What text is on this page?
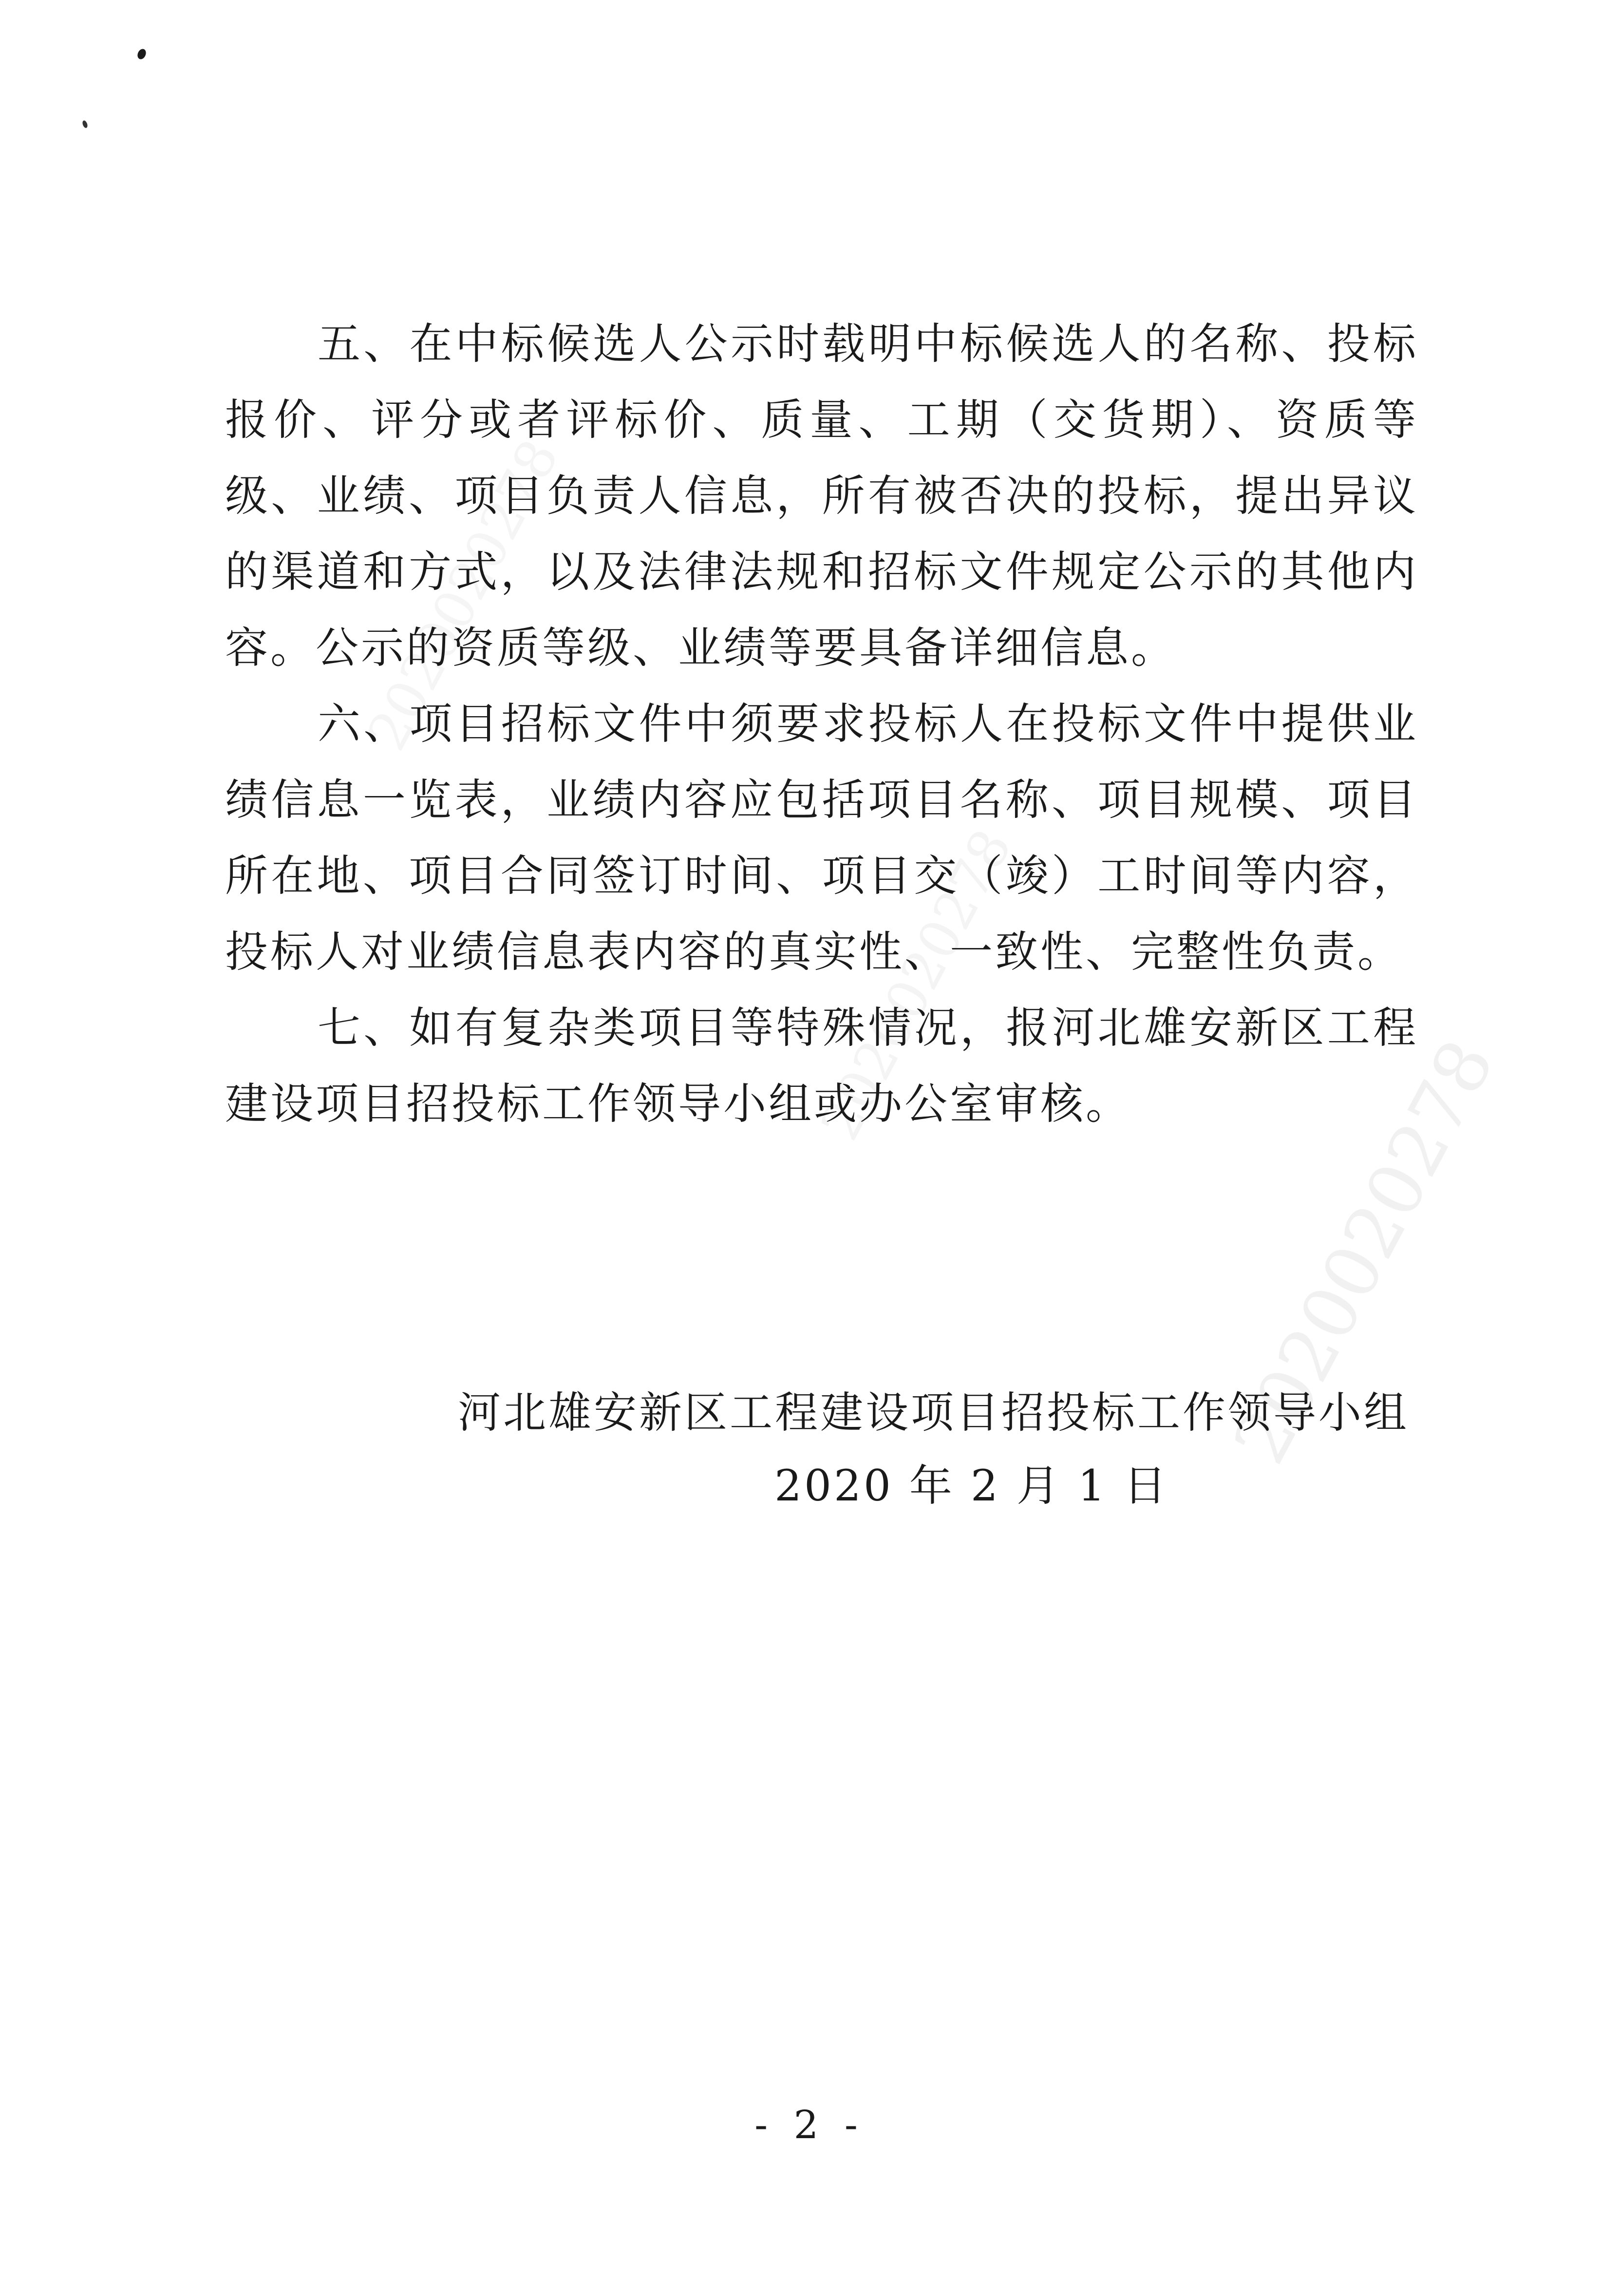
2020020278
2020020278
2020020278

五、在中标候选人公示时载明中标候选人的名称、投标报价、评分或者评标价、质量、工期（交货期）、资质等级、业绩、项目负责人信息，所有被否决的投标，提出异议的渠道和方式，以及法律法规和招标文件规定公示的其他内容。公示的资质等级、业绩等要具备详细信息。

六、项目招标文件中须要求投标人在投标文件中提供业绩信息一览表，业绩内容应包括项目名称、项目规模、项目所在地、项目合同签订时间、项目交（竣）工时间等内容，投标人对业绩信息表内容的真实性、一致性、完整性负责。

七、如有复杂类项目等特殊情况，报河北雄安新区工程建设项目招投标工作领导小组或办公室审核。

河北雄安新区工程建设项目招投标工作领导小组
2020 年 2 月 1 日
- 2 -
